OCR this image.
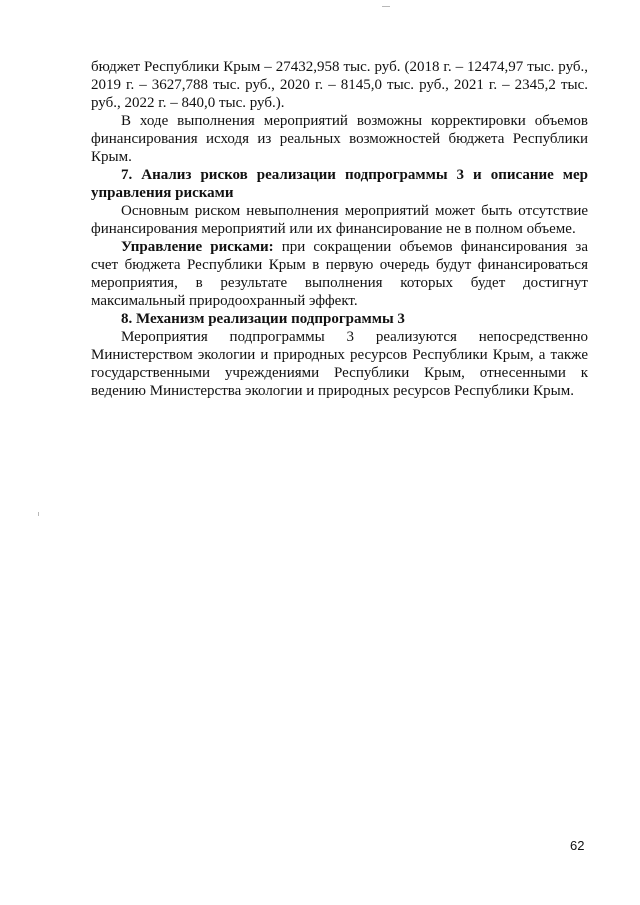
бюджет Республики Крым – 27432,958 тыс. руб. (2018 г. – 12474,97 тыс. руб., 2019 г. – 3627,788 тыс. руб., 2020 г. – 8145,0 тыс. руб., 2021 г. – 2345,2 тыс. руб., 2022 г. – 840,0 тыс. руб.).

В ходе выполнения мероприятий возможны корректировки объемов финансирования исходя из реальных возможностей бюджета Республики Крым.

7. Анализ рисков реализации подпрограммы 3 и описание мер управления рисками

Основным риском невыполнения мероприятий может быть отсутствие финансирования мероприятий или их финансирование не в полном объеме.

Управление рисками: при сокращении объемов финансирования за счет бюджета Республики Крым в первую очередь будут финансироваться мероприятия, в результате выполнения которых будет достигнут максимальный природоохранный эффект.

8. Механизм реализации подпрограммы 3

Мероприятия подпрограммы 3 реализуются непосредственно Министерством экологии и природных ресурсов Республики Крым, а также государственными учреждениями Республики Крым, отнесенными к ведению Министерства экологии и природных ресурсов Республики Крым.

62
